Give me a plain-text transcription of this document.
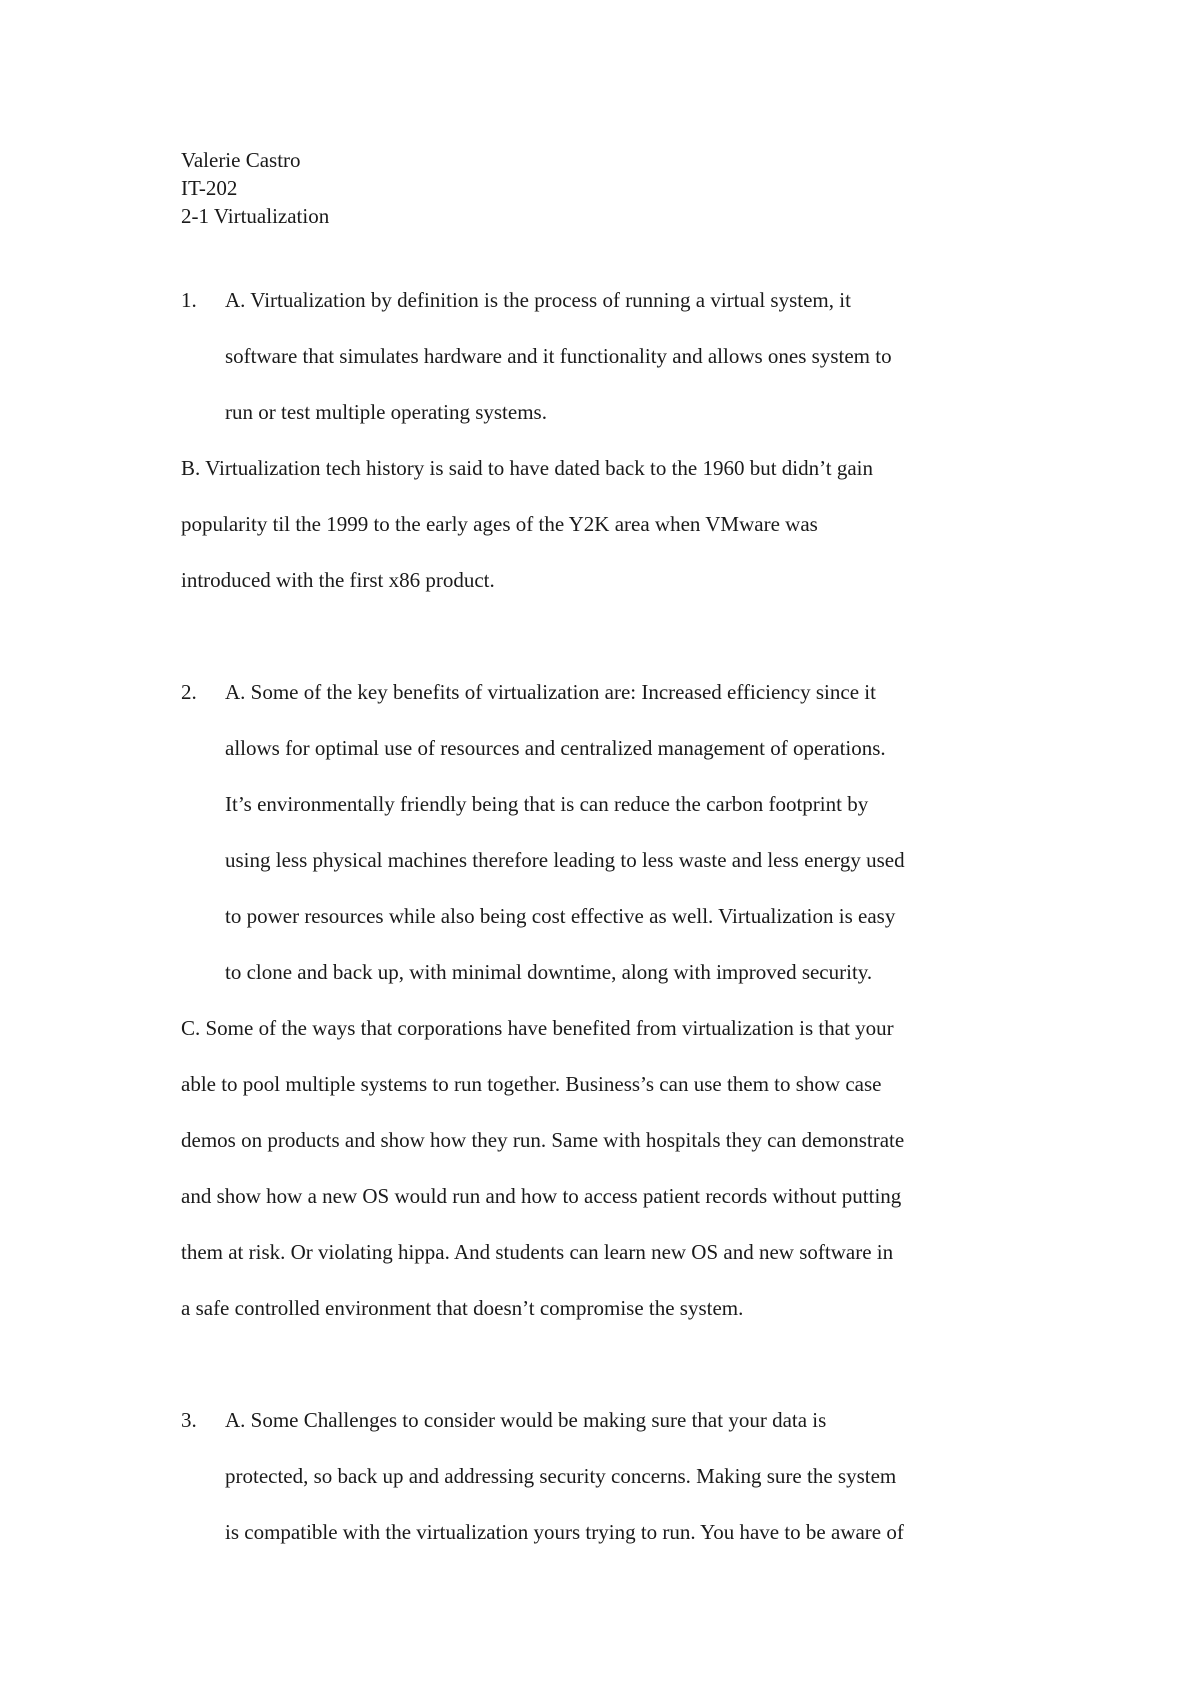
Valerie Castro
IT-202
2-1 Virtualization
1. A. Virtualization by definition is the process of running a virtual system, it
software that simulates hardware and it functionality and allows ones system to
run or test multiple operating systems.
B. Virtualization tech history is said to have dated back to the 1960 but didn’t gain
popularity til the 1999 to the early ages of the Y2K area when VMware was
introduced with the first x86 product.
2. A. Some of the key benefits of virtualization are: Increased efficiency since it
allows for optimal use of resources and centralized management of operations.
It’s environmentally friendly being that is can reduce the carbon footprint by
using less physical machines therefore leading to less waste and less energy used
to power resources while also being cost effective as well. Virtualization is easy
to clone and back up, with minimal downtime, along with improved security.
C. Some of the ways that corporations have benefited from virtualization is that your
able to pool multiple systems to run together. Business’s can use them to show case
demos on products and show how they run. Same with hospitals they can demonstrate
and show how a new OS would run and how to access patient records without putting
them at risk. Or violating hippa. And students can learn new OS and new software in
a safe controlled environment that doesn’t compromise the system.
3. A. Some Challenges to consider would be making sure that your data is
protected, so back up and addressing security concerns. Making sure the system
is compatible with the virtualization yours trying to run. You have to be aware of
